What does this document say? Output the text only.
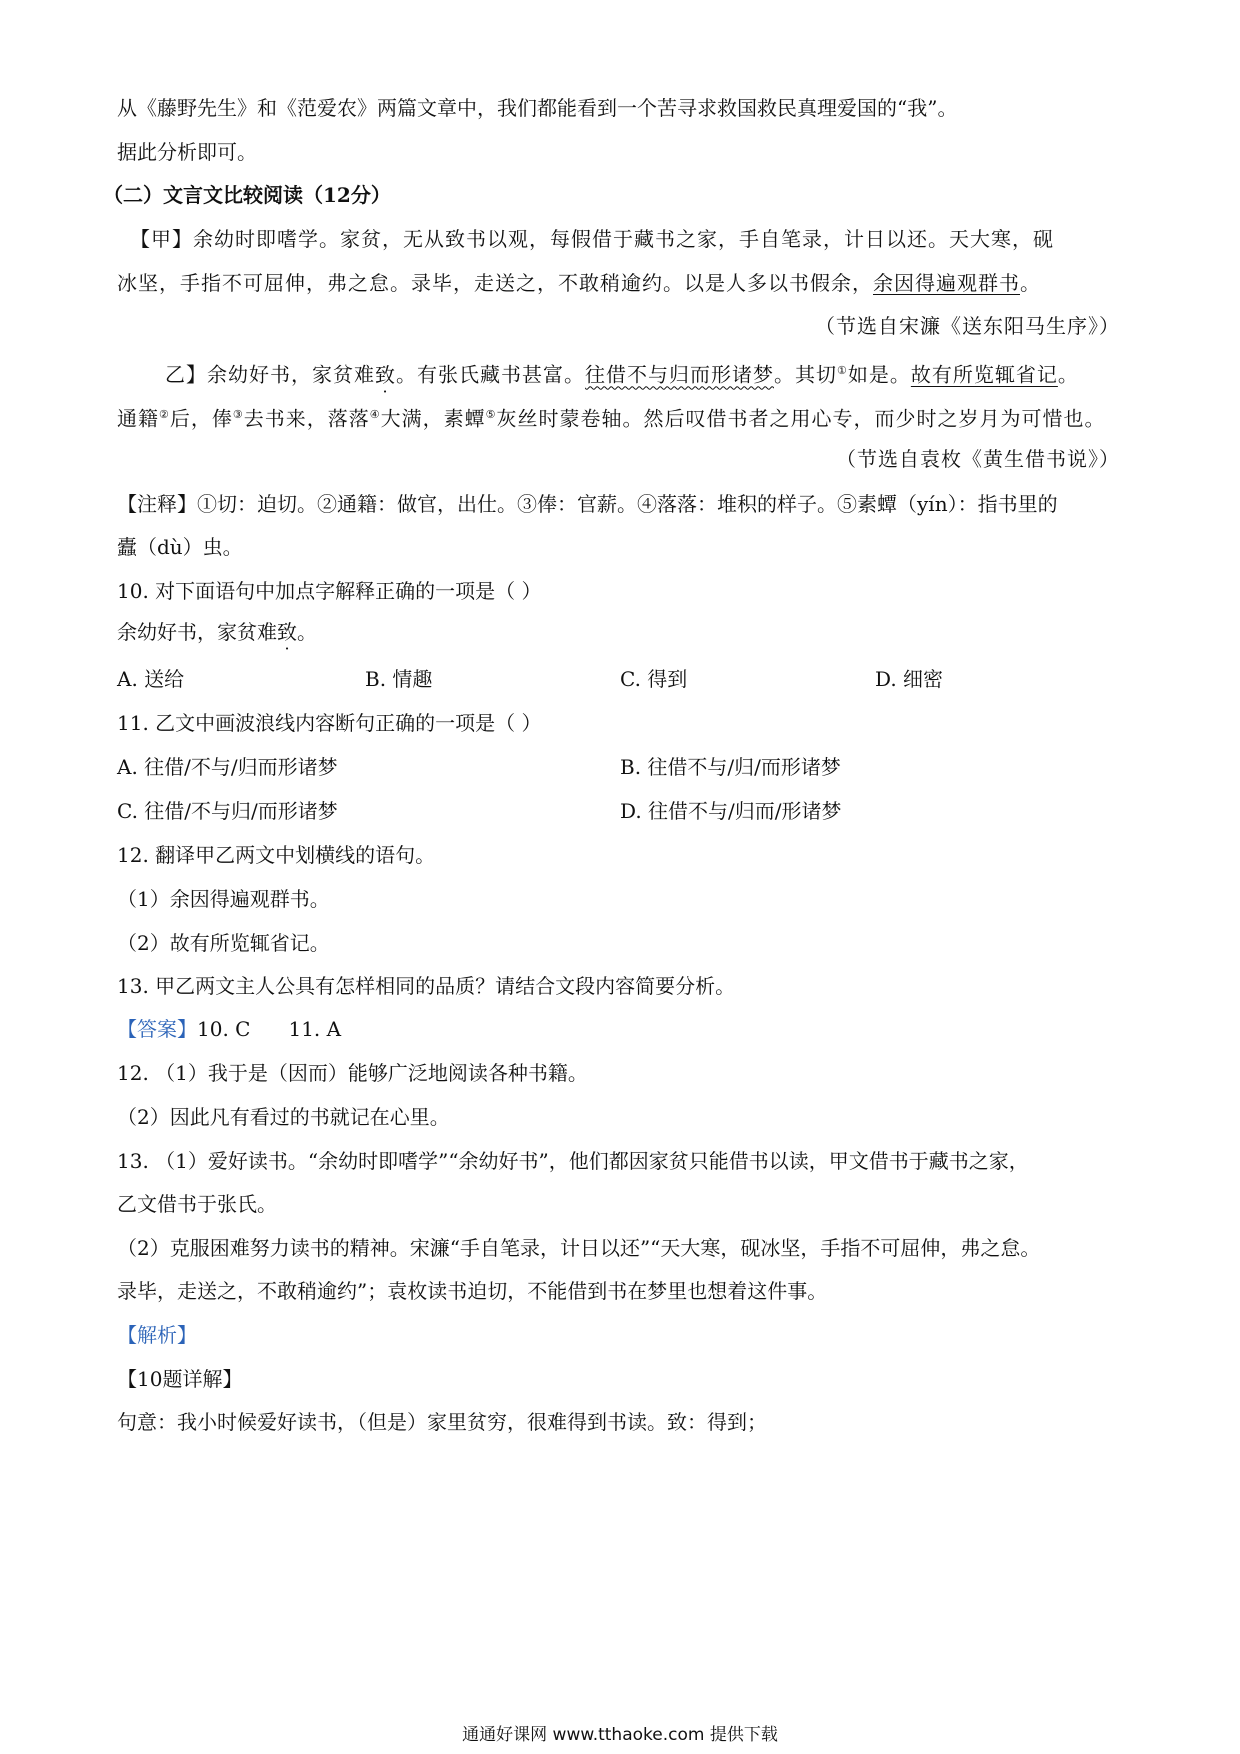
从《藤野先生》和《范爱农》两篇文章中，我们都能看到一个苦寻求救国救民真理爱国的“我”。
据此分析即可。
（二）文言文比较阅读（12分）
【甲】余幼时即嗜学。家贫，无从致书以观，每假借于藏书之家，手自笔录，计日以还。天大寒，砚
冰坚，手指不可屈伸，弗之怠。录毕，走送之，不敢稍逾约。以是人多以书假余，余因得遍观群书。
（节选自宋濂《送东阳马生序》）
乙】余幼好书，家贫难致。有张氏藏书甚富。往借不与归而形诸梦。其切①如是。故有所览辄省记。
通籍②后，俸③去书来，落落④大满，素蟫⑤灰丝时蒙卷轴。然后叹借书者之用心专，而少时之岁月为可惜也。
（节选自袁枚《黄生借书说》）
【注释】①切：迫切。②通籍：做官，出仕。③俸：官薪。④落落：堆积的样子。⑤素蟫（yín）：指书里的
蠹（dù）虫。
10. 对下面语句中加点字解释正确的一项是（ ）
余幼好书，家贫难致。
A. 送给	B. 情趣	C. 得到	D. 细密
11. 乙文中画波浪线内容断句正确的一项是（ ）
A. 往借/不与/归而形诸梦	B. 往借不与/归/而形诸梦
C. 往借/不与归/而形诸梦	D. 往借不与/归而/形诸梦
12. 翻译甲乙两文中划横线的语句。
（1）余因得遍观群书。
（2）故有所览辄省记。
13. 甲乙两文主人公具有怎样相同的品质？请结合文段内容简要分析。
【答案】10. C 11. A
12. （1）我于是（因而）能够广泛地阅读各种书籍。
（2）因此凡有看过的书就记在心里。
13. （1）爱好读书。“余幼时即嗜学”“余幼好书”，他们都因家贫只能借书以读，甲文借书于藏书之家，
乙文借书于张氏。
（2）克服困难努力读书的精神。宋濂“手自笔录，计日以还”“天大寒，砚冰坚，手指不可屈伸，弗之怠。
录毕，走送之，不敢稍逾约”；袁枚读书迫切，不能借到书在梦里也想着这件事。
【解析】
【10题详解】
句意：我小时候爱好读书，（但是）家里贫穷，很难得到书读。致：得到；
通通好课网 www.tthaoke.com 提供下载
